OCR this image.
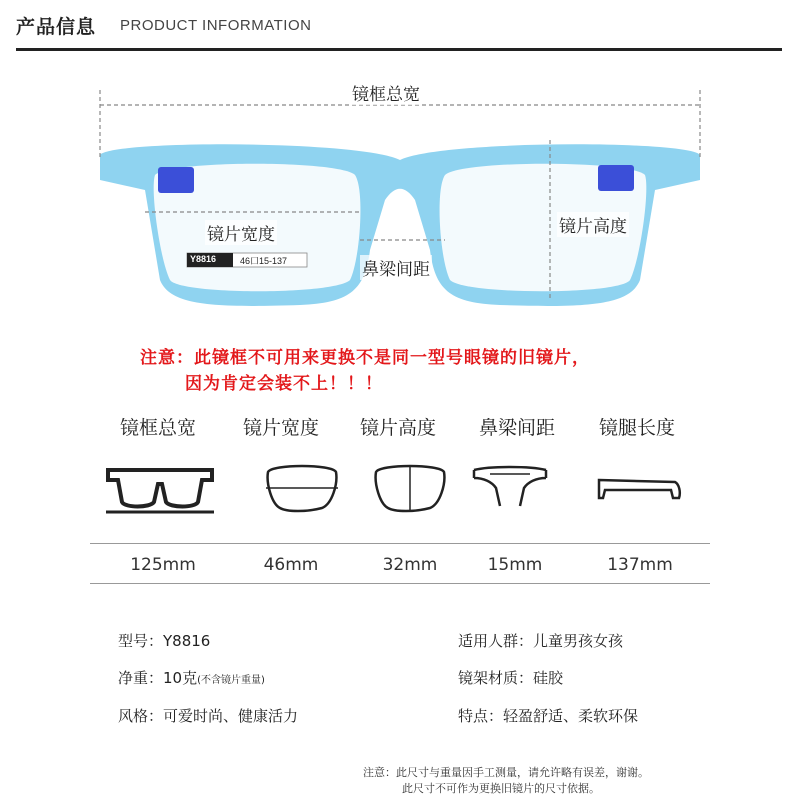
产品信息 PRODUCT INFORMATION
镜框总宽
镜片宽度	镜片高度
鼻梁间距
Y8816	46口15-137
注意：此镜框不可用来更换不是同一型号眼镜的旧镜片，
因为肯定会装不上！！！
镜框总宽	镜片宽度	镜片高度	鼻梁间距	镜腿长度
125mm	46mm	32mm	15mm	137mm
型号：Y8816
净重：10克(不含镜片重量)
风格：可爱时尚、健康活力
适用人群：儿童男孩女孩
镜架材质：硅胶
特点：轻盈舒适、柔软环保
注意：此尺寸与重量因手工测量，请允许略有误差，谢谢。
此尺寸不可作为更换旧镜片的尺寸依据。
